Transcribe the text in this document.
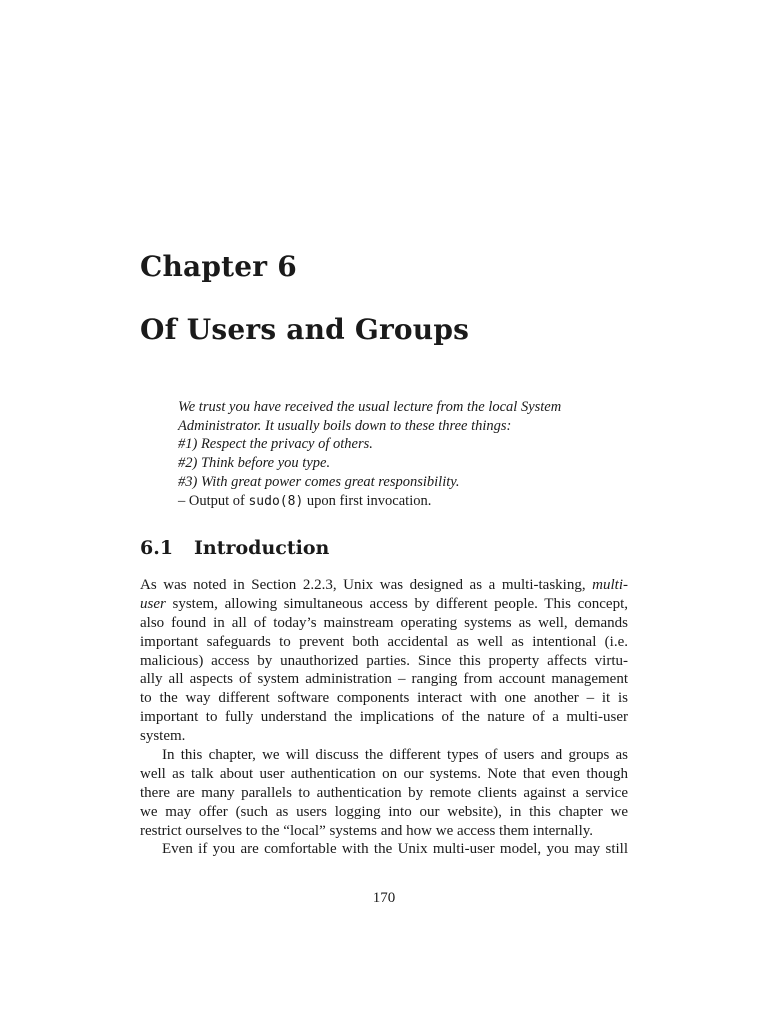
Chapter 6
Of Users and Groups
We trust you have received the usual lecture from the local System
Administrator. It usually boils down to these three things:
#1) Respect the privacy of others.
#2) Think before you type.
#3) With great power comes great responsibility.
– Output of sudo(8) upon first invocation.
6.1 Introduction
As was noted in Section 2.2.3, Unix was designed as a multi-tasking, multi-
user system, allowing simultaneous access by different people. This concept,
also found in all of today’s mainstream operating systems as well, demands
important safeguards to prevent both accidental as well as intentional (i.e.
malicious) access by unauthorized parties. Since this property affects virtu-
ally all aspects of system administration – ranging from account management
to the way different software components interact with one another – it is
important to fully understand the implications of the nature of a multi-user
system.
In this chapter, we will discuss the different types of users and groups as
well as talk about user authentication on our systems. Note that even though
there are many parallels to authentication by remote clients against a service
we may offer (such as users logging into our website), in this chapter we
restrict ourselves to the “local” systems and how we access them internally.
Even if you are comfortable with the Unix multi-user model, you may still
170
